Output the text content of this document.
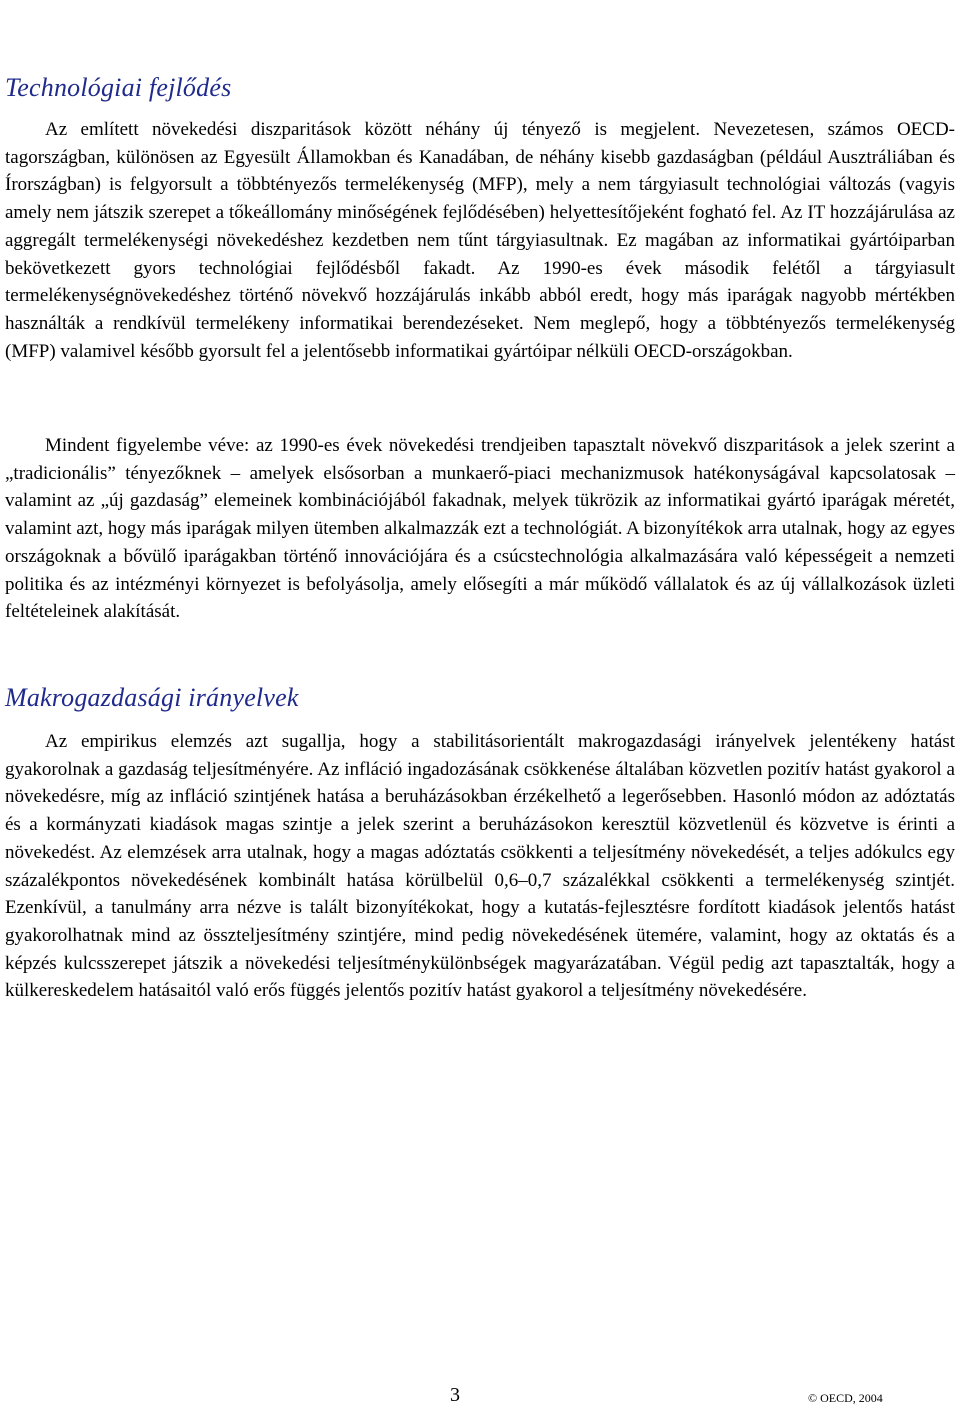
Technológiai fejlődés

Az említett növekedési diszparitások között néhány új tényező is megjelent. Nevezetesen, számos OECD-tagországban, különösen az Egyesült Államokban és Kanadában, de néhány kisebb gazdaságban (például Ausztráliában és Írországban) is felgyorsult a többtényezős termelékenység (MFP), mely a nem tárgyiasult technológiai változás (vagyis amely nem játszik szerepet a tőkeállomány minőségének fejlődésében) helyettesítőjeként fogható fel. Az IT hozzájárulása az aggregált termelékenységi növekedéshez kezdetben nem tűnt tárgyiasultnak. Ez magában az informatikai gyártóiparban bekövetkezett gyors technológiai fejlődésből fakadt. Az 1990-es évek második felétől a tárgyiasult termelékenységnövekedéshez történő növekvő hozzájárulás inkább abból eredt, hogy más iparágak nagyobb mértékben használták a rendkívül termelékeny informatikai berendezéseket. Nem meglepő, hogy a többtényezős termelékenység (MFP) valamivel később gyorsult fel a jelentősebb informatikai gyártóipar nélküli OECD-országokban.

Mindent figyelembe véve: az 1990-es évek növekedési trendjeiben tapasztalt növekvő diszparitások a jelek szerint a „tradicionális” tényezőknek – amelyek elsősorban a munkaerő-piaci mechanizmusok hatékonyságával kapcsolatosak – valamint az „új gazdaság” elemeinek kombinációjából fakadnak, melyek tükrözik az informatikai gyártó iparágak méretét, valamint azt, hogy más iparágak milyen ütemben alkalmazzák ezt a technológiát. A bizonyítékok arra utalnak, hogy az egyes országoknak a bővülő iparágakban történő innovációjára és a csúcstechnológia alkalmazására való képességeit a nemzeti politika és az intézményi környezet is befolyásolja, amely elősegíti a már működő vállalatok és az új vállalkozások üzleti feltételeinek alakítását.

Makrogazdasági irányelvek

Az empirikus elemzés azt sugallja, hogy a stabilitásorientált makrogazdasági irányelvek jelentékeny hatást gyakorolnak a gazdaság teljesítményére. Az infláció ingadozásának csökkenése általában közvetlen pozitív hatást gyakorol a növekedésre, míg az infláció szintjének hatása a beruházásokban érzékelhető a legerősebben. Hasonló módon az adóztatás és a kormányzati kiadások magas szintje a jelek szerint a beruházásokon keresztül közvetlenül és közvetve is érinti a növekedést. Az elemzések arra utalnak, hogy a magas adóztatás csökkenti a teljesítmény növekedését, a teljes adókulcs egy százalékpontos növekedésének kombinált hatása körülbelül 0,6–0,7 százalékkal csökkenti a termelékenység szintjét. Ezenkívül, a tanulmány arra nézve is talált bizonyítékokat, hogy a kutatás-fejlesztésre fordított kiadások jelentős hatást gyakorolhatnak mind az összteljesítmény szintjére, mind pedig növekedésének ütemére, valamint, hogy az oktatás és a képzés kulcsszerepet játszik a növekedési teljesítménykülönbségek magyarázatában. Végül pedig azt tapasztalták, hogy a külkereskedelem hatásaitól való erős függés jelentős pozitív hatást gyakorol a teljesítmény növekedésére.

3	© OECD, 2004
